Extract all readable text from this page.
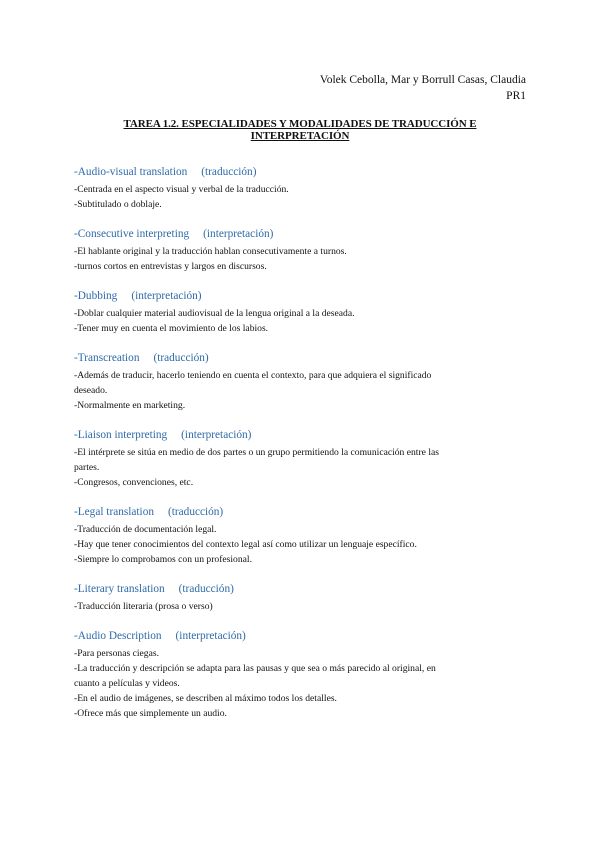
Volek Cebolla, Mar y Borrull Casas, Claudia
PR1
TAREA 1.2. ESPECIALIDADES Y MODALIDADES DE TRADUCCIÓN E INTERPRETACIÓN
-Audio-visual translation (traducción)
-Centrada en el aspecto visual y verbal de la traducción.
-Subtitulado o doblaje.
-Consecutive interpreting (interpretación)
-El hablante original y la traducción hablan consecutivamente a turnos.
-turnos cortos en entrevistas y largos en discursos.
-Dubbing (interpretación)
-Doblar cualquier material audiovisual de la lengua original a la deseada.
-Tener muy en cuenta el movimiento de los labios.
-Transcreation (traducción)
-Además de traducir, hacerlo teniendo en cuenta el contexto, para que adquiera el significado
deseado.
-Normalmente en marketing.
-Liaison interpreting (interpretación)
-El intérprete se sitúa en medio de dos partes o un grupo permitiendo la comunicación entre las
partes.
-Congresos, convenciones, etc.
-Legal translation (traducción)
-Traducción de documentación legal.
-Hay que tener conocimientos del contexto legal así como utilizar un lenguaje específico.
-Siempre lo comprobamos con un profesional.
-Literary translation (traducción)
-Traducción literaria (prosa o verso)
-Audio Description (interpretación)
-Para personas ciegas.
-La traducción y descripción se adapta para las pausas y que sea o más parecido al original, en
cuanto a películas y videos.
-En el audio de imágenes, se describen al máximo todos los detalles.
-Ofrece más que simplemente un audio.
